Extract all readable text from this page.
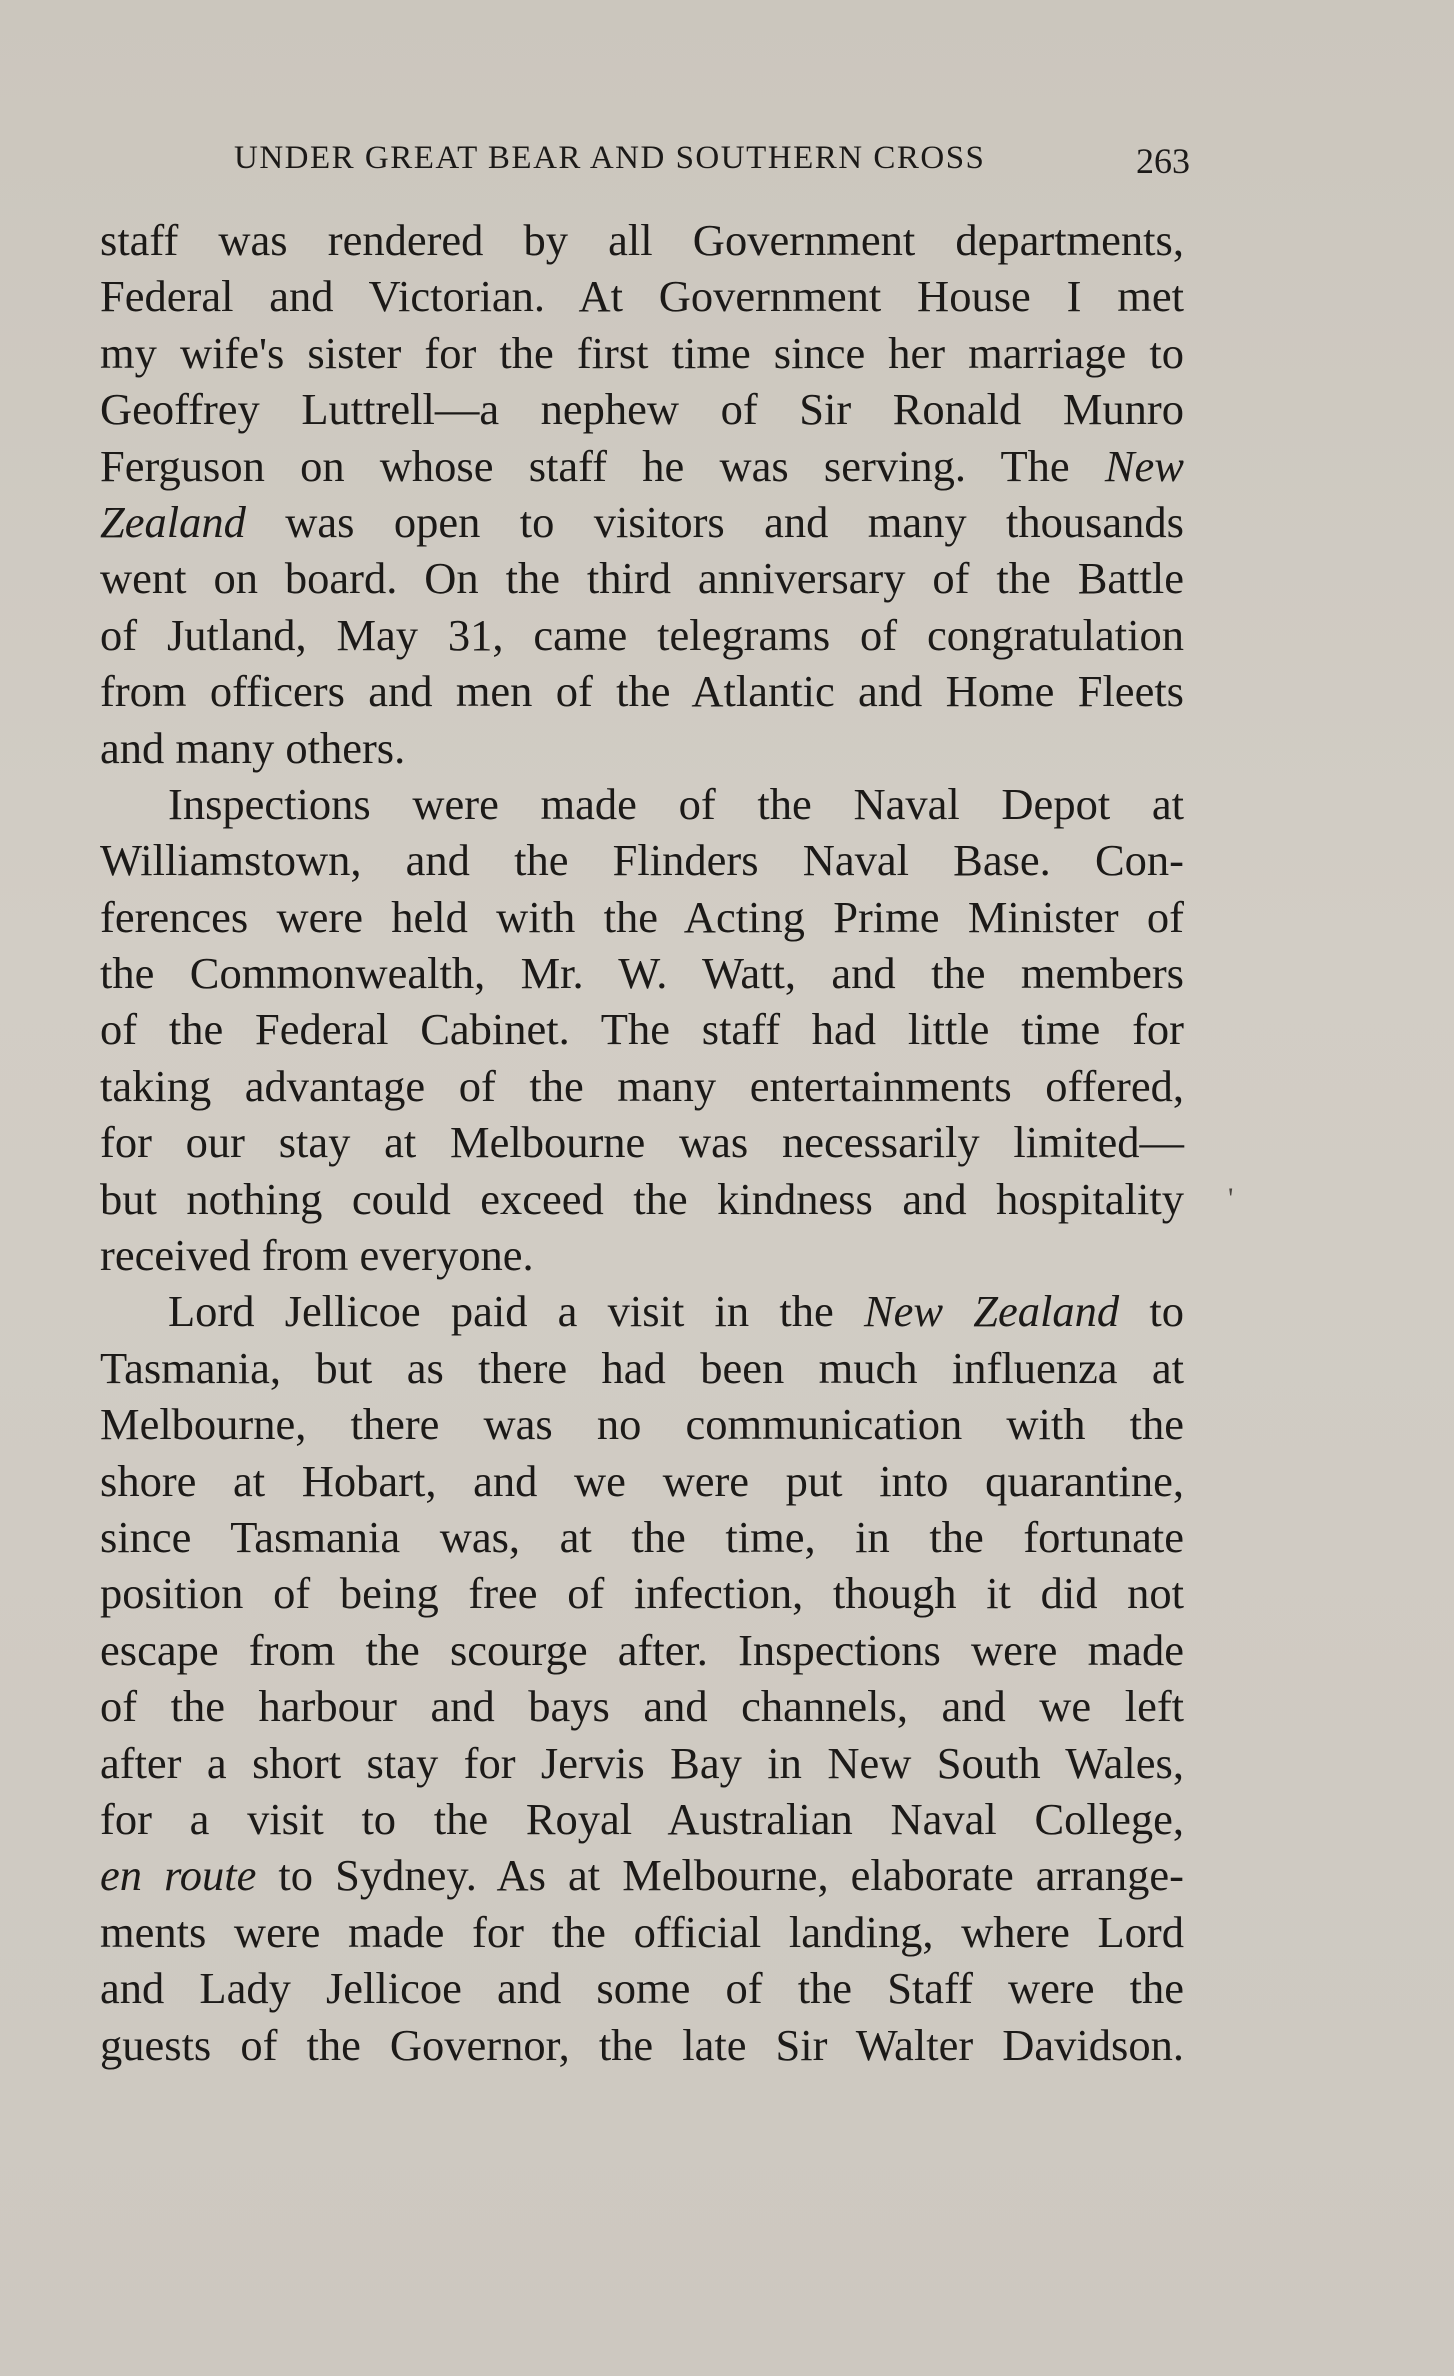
UNDER GREAT BEAR AND SOUTHERN CROSS	263
staff was rendered by all Government departments,
Federal and Victorian. At Government House I met
my wife's sister for the first time since her marriage to
Geoffrey Luttrell—a nephew of Sir Ronald Munro
Ferguson on whose staff he was serving. The New
Zealand was open to visitors and many thousands
went on board. On the third anniversary of the Battle
of Jutland, May 31, came telegrams of congratulation
from officers and men of the Atlantic and Home Fleets
and many others.
Inspections were made of the Naval Depot at
Williamstown, and the Flinders Naval Base. Con-
ferences were held with the Acting Prime Minister of
the Commonwealth, Mr. W. Watt, and the members
of the Federal Cabinet. The staff had little time for
taking advantage of the many entertainments offered,
for our stay at Melbourne was necessarily limited—
but nothing could exceed the kindness and hospitality
received from everyone.
Lord Jellicoe paid a visit in the New Zealand to
Tasmania, but as there had been much influenza at
Melbourne, there was no communication with the
shore at Hobart, and we were put into quarantine,
since Tasmania was, at the time, in the fortunate
position of being free of infection, though it did not
escape from the scourge after. Inspections were made
of the harbour and bays and channels, and we left
after a short stay for Jervis Bay in New South Wales,
for a visit to the Royal Australian Naval College,
en route to Sydney. As at Melbourne, elaborate arrange-
ments were made for the official landing, where Lord
and Lady Jellicoe and some of the Staff were the
guests of the Governor, the late Sir Walter Davidson.
'
